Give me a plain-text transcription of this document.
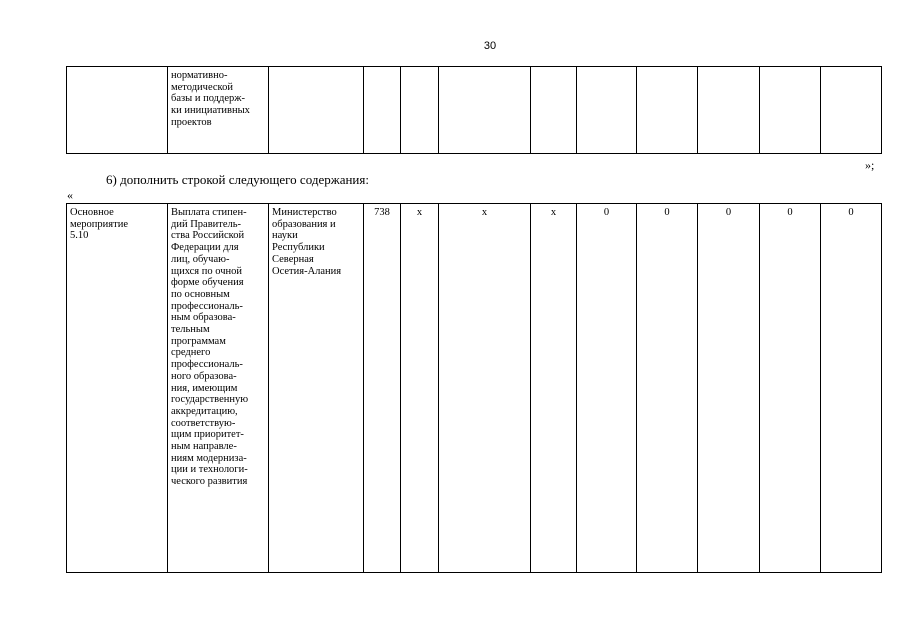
30
	нормативно-
методической
базы и поддерж-
ки инициативных
проектов										
»;
6) дополнить строкой следующего содержания:
«
Основное
мероприятие
5.10	Выплата стипен-
дий Правитель-
ства Российской
Федерации для
лиц, обучаю-
щихся по очной
форме обучения
по основным
профессиональ-
ным образова-
тельным
программам
среднего
профессиональ-
ного образова-
ния, имеющим
государственную
аккредитацию,
соответствую-
щим приоритет-
ным направле-
ниям модерниза-
ции и технологи-
ческого развития	Министерство
образования и
науки
Республики
Северная
Осетия-Алания	738	х	х	х	0	0	0	0	0
